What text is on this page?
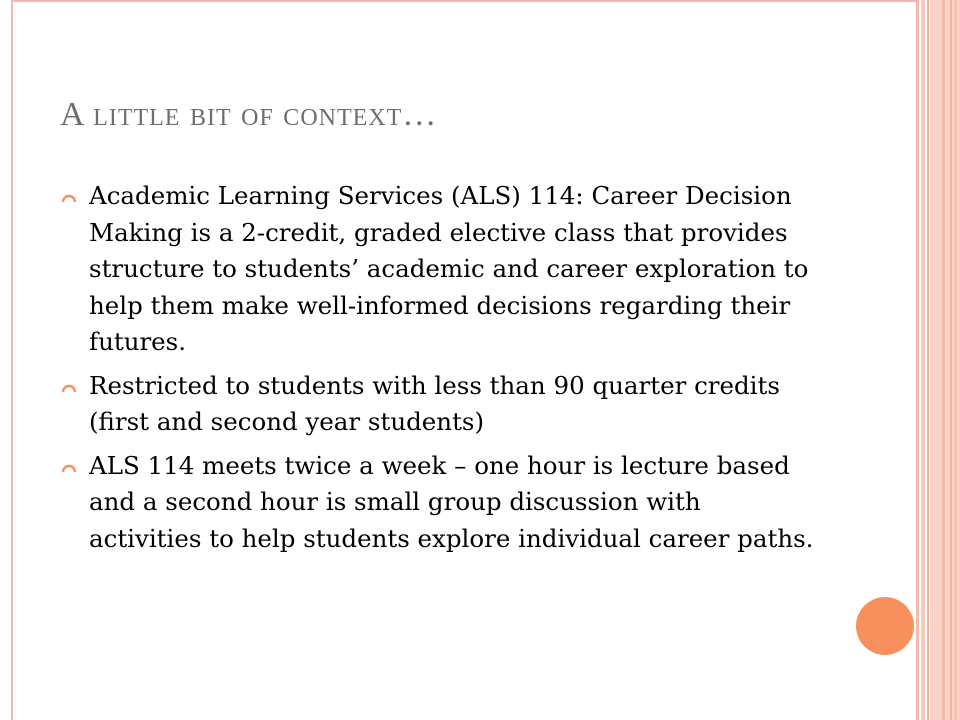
A little bit of context…
Academic Learning Services (ALS) 114: Career Decision Making is a 2-credit, graded elective class that provides structure to students’ academic and career exploration to help them make well-informed decisions regarding their futures.
Restricted to students with less than 90 quarter credits (first and second year students)
ALS 114 meets twice a week – one hour is lecture based and a second hour is small group discussion with activities to help students explore individual career paths.
